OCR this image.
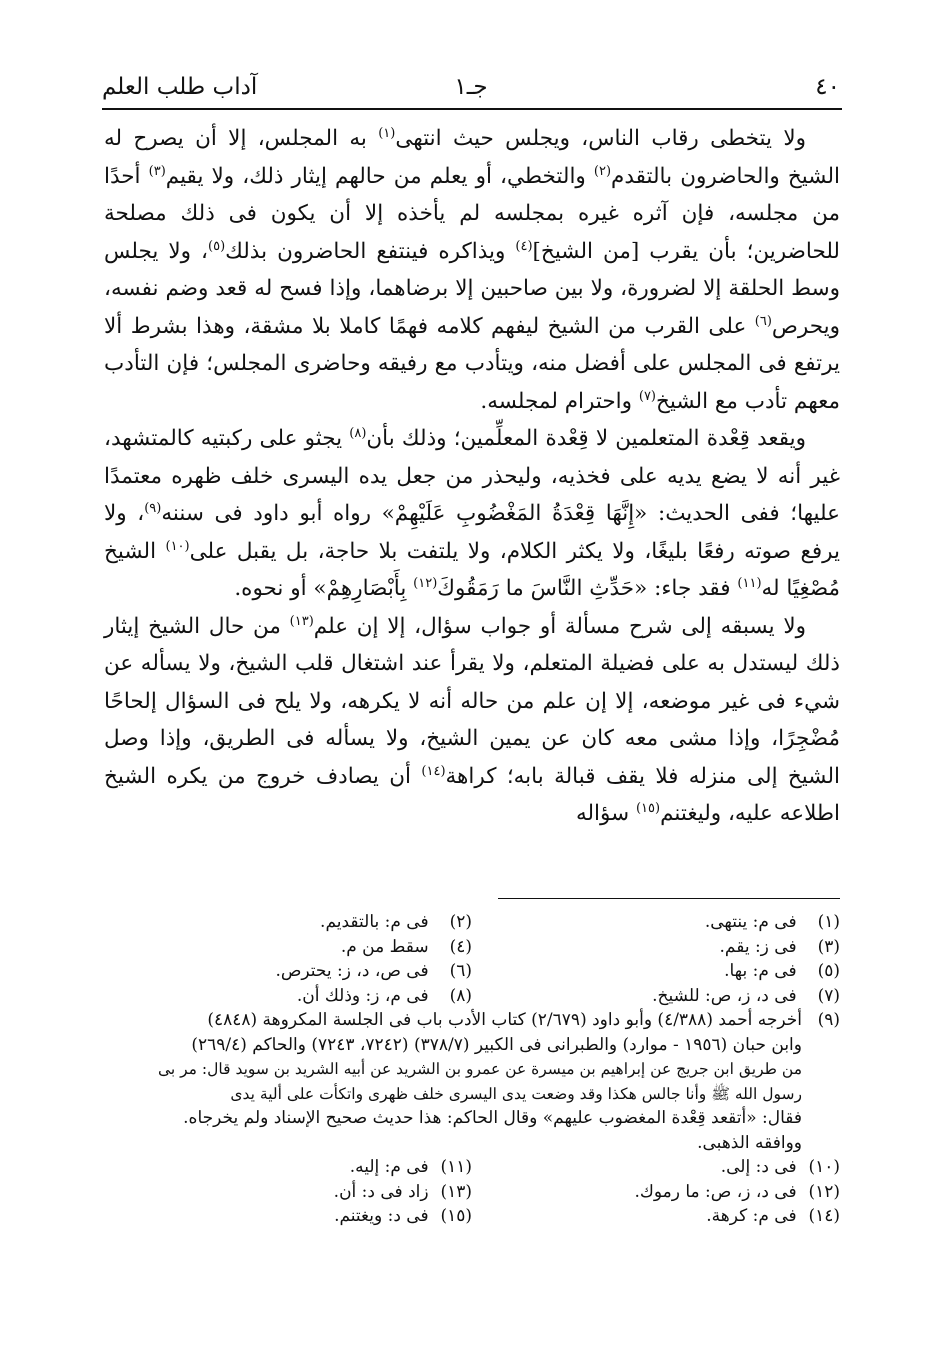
٤٠
جـ١
آداب طلب العلم

ولا يتخطى رقاب الناس، ويجلس حيث انتهى$^{(١)}$ به المجلس، إلا أن يصرح له الشيخ والحاضرون بالتقدم$^{(٢)}$ والتخطي، أو يعلم من حالهم إيثار ذلك، ولا يقيم$^{(٣)}$ أحدًا من مجلسه، فإن آثره غيره بمجلسه لم يأخذه إلا أن يكون فى ذلك مصلحة للحاضرين؛ بأن يقرب [من الشيخ]$^{(٤)}$ ويذاكره فينتفع الحاضرون بذلك$^{(٥)}$، ولا يجلس وسط الحلقة إلا لضرورة، ولا بين صاحبين إلا برضاهما، وإذا فسح له قعد وضم نفسه، ويحرص$^{(٦)}$ على القرب من الشيخ ليفهم كلامه فهمًا كاملا بلا مشقة، وهذا بشرط ألا يرتفع فى المجلس على أفضل منه، ويتأدب مع رفيقه وحاضرى المجلس؛ فإن التأدب معهم تأدب مع الشيخ$^{(٧)}$ واحترام لمجلسه.

ويقعد قِعْدة المتعلمين لا قِعْدة المعلِّمين؛ وذلك بأن$^{(٨)}$ يجثو على ركبتيه كالمتشهد، غير أنه لا يضع يديه على فخذيه، وليحذر من جعل يده اليسرى خلف ظهره معتمدًا عليها؛ ففى الحديث: «إِنَّهَا قِعْدَةُ المَغْضُوبِ عَلَيْهِمْ» رواه أبو داود فى سننه$^{(٩)}$، ولا يرفع صوته رفعًا بليغًا، ولا يكثر الكلام، ولا يلتفت بلا حاجة، بل يقبل على$^{(١٠)}$ الشيخ مُصْغِيًا له$^{(١١)}$ فقد جاء: «حَدِّثِ النَّاسَ ما رَمَقُوكَ$^{(١٢)}$ بِأَبْصَارِهِمْ» أو نحوه.

ولا يسبقه إلى شرح مسألة أو جواب سؤال، إلا إن علم$^{(١٣)}$ من حال الشيخ إيثار ذلك ليستدل به على فضيلة المتعلم، ولا يقرأ عند اشتغال قلب الشيخ، ولا يسأله عن شيء فى غير موضعه، إلا إن علم من حاله أنه لا يكرهه، ولا يلح فى السؤال إلحاحًا مُضْجِرًا، وإذا مشى معه كان عن يمين الشيخ، ولا يسأله فى الطريق، وإذا وصل الشيخ إلى منزله فلا يقف قبالة بابه؛ كراهة$^{(١٤)}$ أن يصادف خروج من يكره الشيخ اطلاعه عليه، وليغتنم$^{(١٥)}$ سؤاله

(١) فى م: ينتهى.
(٢) فى م: بالتقديم.
(٣) فى ز: يقم.
(٤) سقط من م.
(٥) فى م: بها.
(٦) فى ص، د، ز: يحترص.
(٧) فى د، ز، ص: للشيخ.
(٨) فى م، ز: وذلك أن.
(٩)
أخرجه أحمد (٤/٣٨٨) وأبو داود (٢/٦٧٩) كتاب الأدب باب فى الجلسة المكروهة (٤٨٤٨)
وابن حبان (١٩٥٦ - موارد) والطبرانى فى الكبير (٣٧٨/٧) (٧٢٤٢، ٧٢٤٣) والحاكم (٢٦٩/٤)
من طريق ابن جريج عن إبراهيم بن ميسرة عن عمرو بن الشريد عن أبيه الشريد بن سويد قال: مر بى
رسول الله ﷺ وأنا جالس هكذا وقد وضعت يدى اليسرى خلف ظهرى واتكأت على ألية يدى
فقال: «أتقعد قِعْدة المغضوب عليهم» وقال الحاكم: هذا حديث صحيح الإسناد ولم يخرجاه.
ووافقه الذهبى.
(١٠) فى د: إلى.
(١١) فى م: إليه.
(١٢) فى د، ز، ص: ما رموك.
(١٣) زاد فى د: أن.
(١٤) فى م: كرهة.
(١٥) فى د: ويغتنم.
